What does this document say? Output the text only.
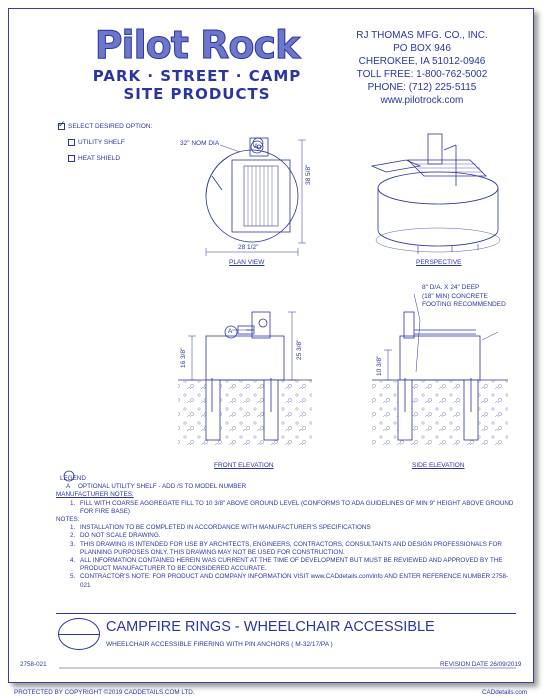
Pilot Rock
PARK · STREET · CAMP
SITE PRODUCTS
RJ THOMAS MFG. CO., INC.
PO BOX 946
CHEROKEE, IA 51012-0946
TOLL FREE: 1-800-762-5002
PHONE: (712) 225-5115
www.pilotrock.com
✓ SELECT DESIRED OPTION:
UTILITY SHELF
HEAT SHIELD
32" NOM DIA	A
38 5/8"
28 1/2"
PLAN VIEW	PERSPECTIVE
A
16 3/8"	25 3/8"
FRONT ELEVATION
8" D/A. X 24" DEEP
(18" MIN) CONCRETE
FOOTING RECOMMENDED
10 3/8"
SIDE ELEVATION
LEGEND
A	OPTIONAL UTILITY SHELF - ADD /S TO MODEL NUMBER
MANUFACTURER NOTES:
1. FILL WITH COARSE AGGREGATE FILL TO 10 3/8" ABOVE GROUND LEVEL (CONFORMS TO ADA GUIDELINES OF MIN 9" HEIGHT ABOVE GROUND FOR FIRE BASE)
NOTES:
1. INSTALLATION TO BE COMPLETED IN ACCORDANCE WITH MANUFACTURER'S SPECIFICATIONS
2. DO NOT SCALE DRAWING.
3. THIS DRAWING IS INTENDED FOR USE BY ARCHITECTS, ENGINEERS, CONTRACTORS, CONSULTANTS AND DESIGN PROFESSIONALS FOR PLANNING PURPOSES ONLY. THIS DRAWING MAY NOT BE USED FOR CONSTRUCTION.
4. ALL INFORMATION CONTAINED HEREIN WAS CURRENT AT THE TIME OF DEVELOPMENT BUT MUST BE REVIEWED AND APPROVED BY THE PRODUCT MANUFACTURER TO BE CONSIDERED ACCURATE.
5. CONTRACTOR'S NOTE: FOR PRODUCT AND COMPANY INFORMATION VISIT www.CADdetails.com/info AND ENTER REFERENCE NUMBER 2758-021
CAMPFIRE RINGS - WHEELCHAIR ACCESSIBLE
WHEELCHAIR ACCESSIBLE FIRERING WITH PIN ANCHORS ( M-32/17/PA )
2758-021	REVISION DATE 26/09/2019
PROTECTED BY COPYRIGHT ©2019 CADDETAILS.COM LTD.	CADdetails.com
